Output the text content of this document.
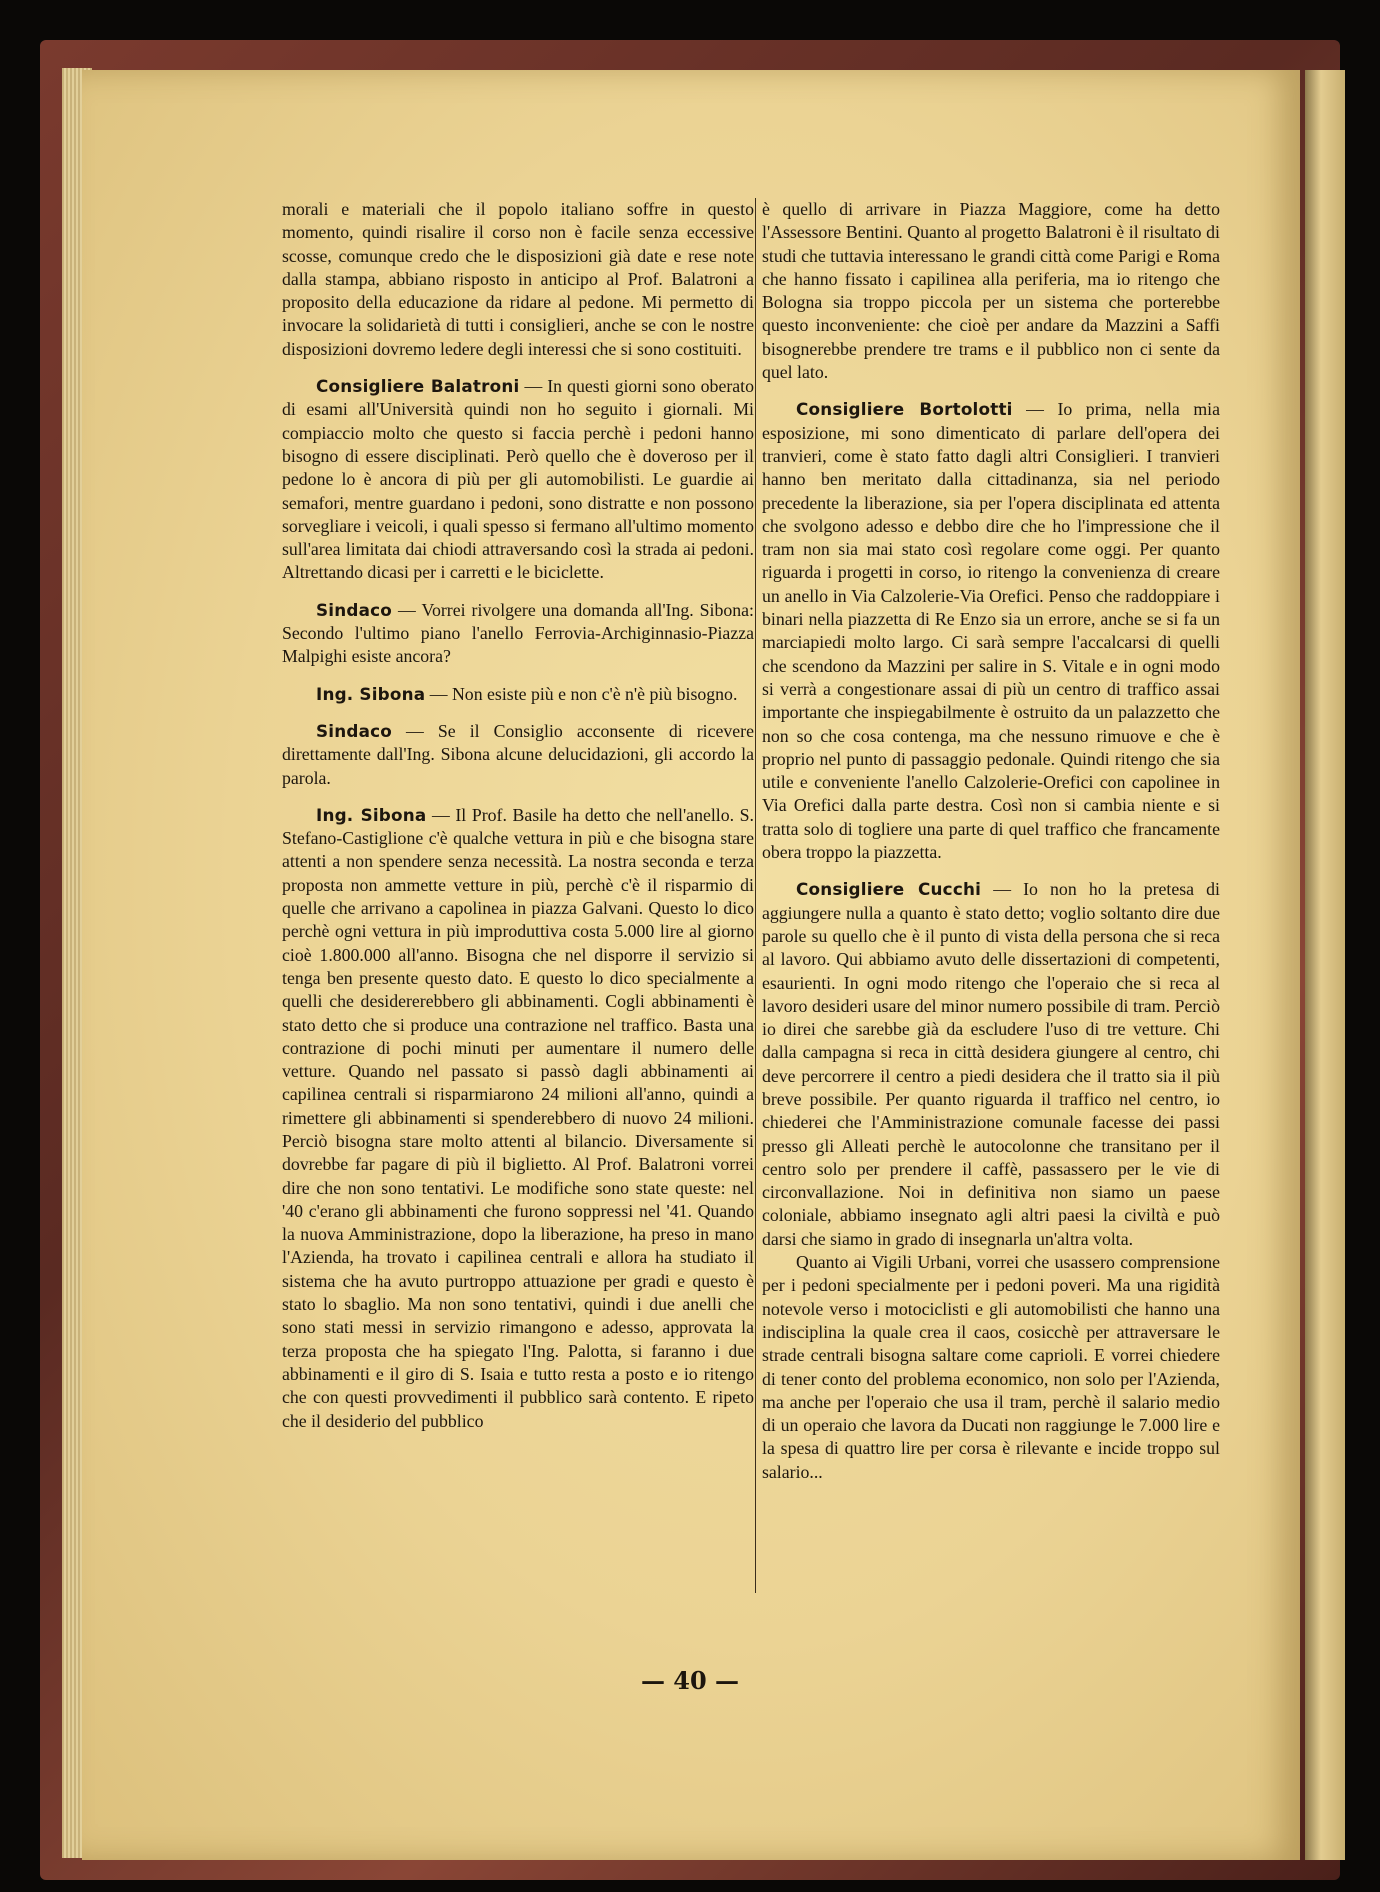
morali e materiali che il popolo italiano soffre in questo momento, quindi risalire il corso non è facile senza eccessive scosse, comunque credo che le disposizioni già date e rese note dalla stampa, abbiano risposto in anticipo al Prof. Balatroni a proposito della educazione da ridare al pedone. Mi permetto di invocare la solidarietà di tutti i consiglieri, anche se con le nostre disposizioni dovremo ledere degli interessi che si sono costituiti.

Consigliere Balatroni — In questi giorni sono oberato di esami all'Università quindi non ho seguito i giornali. Mi compiaccio molto che questo si faccia perchè i pedoni hanno bisogno di essere disciplinati. Però quello che è doveroso per il pedone lo è ancora di più per gli automobilisti. Le guardie ai semafori, mentre guardano i pedoni, sono distratte e non possono sorvegliare i veicoli, i quali spesso si fermano all'ultimo momento sull'area limitata dai chiodi attraversando così la strada ai pedoni. Altrettando dicasi per i carretti e le biciclette.

Sindaco — Vorrei rivolgere una domanda all'Ing. Sibona: Secondo l'ultimo piano l'anello Ferrovia-Archiginnasio-Piazza Malpighi esiste ancora?

Ing. Sibona — Non esiste più e non c'è n'è più bisogno.

Sindaco — Se il Consiglio acconsente di ricevere direttamente dall'Ing. Sibona alcune delucidazioni, gli accordo la parola.

Ing. Sibona — Il Prof. Basile ha detto che nell'anello. S. Stefano-Castiglione c'è qualche vettura in più e che bisogna stare attenti a non spendere senza necessità. La nostra seconda e terza proposta non ammette vetture in più, perchè c'è il risparmio di quelle che arrivano a capolinea in piazza Galvani. Questo lo dico perchè ogni vettura in più improduttiva costa 5.000 lire al giorno cioè 1.800.000 all'anno. Bisogna che nel disporre il servizio si tenga ben presente questo dato. E questo lo dico specialmente a quelli che desidererebbero gli abbinamenti. Cogli abbinamenti è stato detto che si produce una contrazione nel traffico. Basta una contrazione di pochi minuti per aumentare il numero delle vetture. Quando nel passato si passò dagli abbinamenti ai capilinea centrali si risparmiarono 24 milioni all'anno, quindi a rimettere gli abbinamenti si spenderebbero di nuovo 24 milioni. Perciò bisogna stare molto attenti al bilancio. Diversamente si dovrebbe far pagare di più il biglietto. Al Prof. Balatroni vorrei dire che non sono tentativi. Le modifiche sono state queste: nel '40 c'erano gli abbinamenti che furono soppressi nel '41. Quando la nuova Amministrazione, dopo la liberazione, ha preso in mano l'Azienda, ha trovato i capilinea centrali e allora ha studiato il sistema che ha avuto purtroppo attuazione per gradi e questo è stato lo sbaglio. Ma non sono tentativi, quindi i due anelli che sono stati messi in servizio rimangono e adesso, approvata la terza proposta che ha spiegato l'Ing. Palotta, si faranno i due abbinamenti e il giro di S. Isaia e tutto resta a posto e io ritengo che con questi provvedimenti il pubblico sarà contento. E ripeto che il desiderio del pubblico

è quello di arrivare in Piazza Maggiore, come ha detto l'Assessore Bentini. Quanto al progetto Balatroni è il risultato di studi che tuttavia interessano le grandi città come Parigi e Roma che hanno fissato i capilinea alla periferia, ma io ritengo che Bologna sia troppo piccola per un sistema che porterebbe questo inconveniente: che cioè per andare da Mazzini a Saffi bisognerebbe prendere tre trams e il pubblico non ci sente da quel lato.

Consigliere Bortolotti — Io prima, nella mia esposizione, mi sono dimenticato di parlare dell'opera dei tranvieri, come è stato fatto dagli altri Consiglieri. I tranvieri hanno ben meritato dalla cittadinanza, sia nel periodo precedente la liberazione, sia per l'opera disciplinata ed attenta che svolgono adesso e debbo dire che ho l'impressione che il tram non sia mai stato così regolare come oggi. Per quanto riguarda i progetti in corso, io ritengo la convenienza di creare un anello in Via Calzolerie-Via Orefici. Penso che raddoppiare i binari nella piazzetta di Re Enzo sia un errore, anche se si fa un marciapiedi molto largo. Ci sarà sempre l'accalcarsi di quelli che scendono da Mazzini per salire in S. Vitale e in ogni modo si verrà a congestionare assai di più un centro di traffico assai importante che inspiegabilmente è ostruito da un palazzetto che non so che cosa contenga, ma che nessuno rimuove e che è proprio nel punto di passaggio pedonale. Quindi ritengo che sia utile e conveniente l'anello Calzolerie-Orefici con capolinee in Via Orefici dalla parte destra. Così non si cambia niente e si tratta solo di togliere una parte di quel traffico che francamente obera troppo la piazzetta.

Consigliere Cucchi — Io non ho la pretesa di aggiungere nulla a quanto è stato detto; voglio soltanto dire due parole su quello che è il punto di vista della persona che si reca al lavoro. Qui abbiamo avuto delle dissertazioni di competenti, esaurienti. In ogni modo ritengo che l'operaio che si reca al lavoro desideri usare del minor numero possibile di tram. Perciò io direi che sarebbe già da escludere l'uso di tre vetture. Chi dalla campagna si reca in città desidera giungere al centro, chi deve percorrere il centro a piedi desidera che il tratto sia il più breve possibile. Per quanto riguarda il traffico nel centro, io chiederei che l'Amministrazione comunale facesse dei passi presso gli Alleati perchè le autocolonne che transitano per il centro solo per prendere il caffè, passassero per le vie di circonvallazione. Noi in definitiva non siamo un paese coloniale, abbiamo insegnato agli altri paesi la civiltà e può darsi che siamo in grado di insegnarla un'altra volta.

Quanto ai Vigili Urbani, vorrei che usassero comprensione per i pedoni specialmente per i pedoni poveri. Ma una rigidità notevole verso i motociclisti e gli automobilisti che hanno una indisciplina la quale crea il caos, cosicchè per attraversare le strade centrali bisogna saltare come caprioli. E vorrei chiedere di tener conto del problema economico, non solo per l'Azienda, ma anche per l'operaio che usa il tram, perchè il salario medio di un operaio che lavora da Ducati non raggiunge le 7.000 lire e la spesa di quattro lire per corsa è rilevante e incide troppo sul salario...

— 40 —
